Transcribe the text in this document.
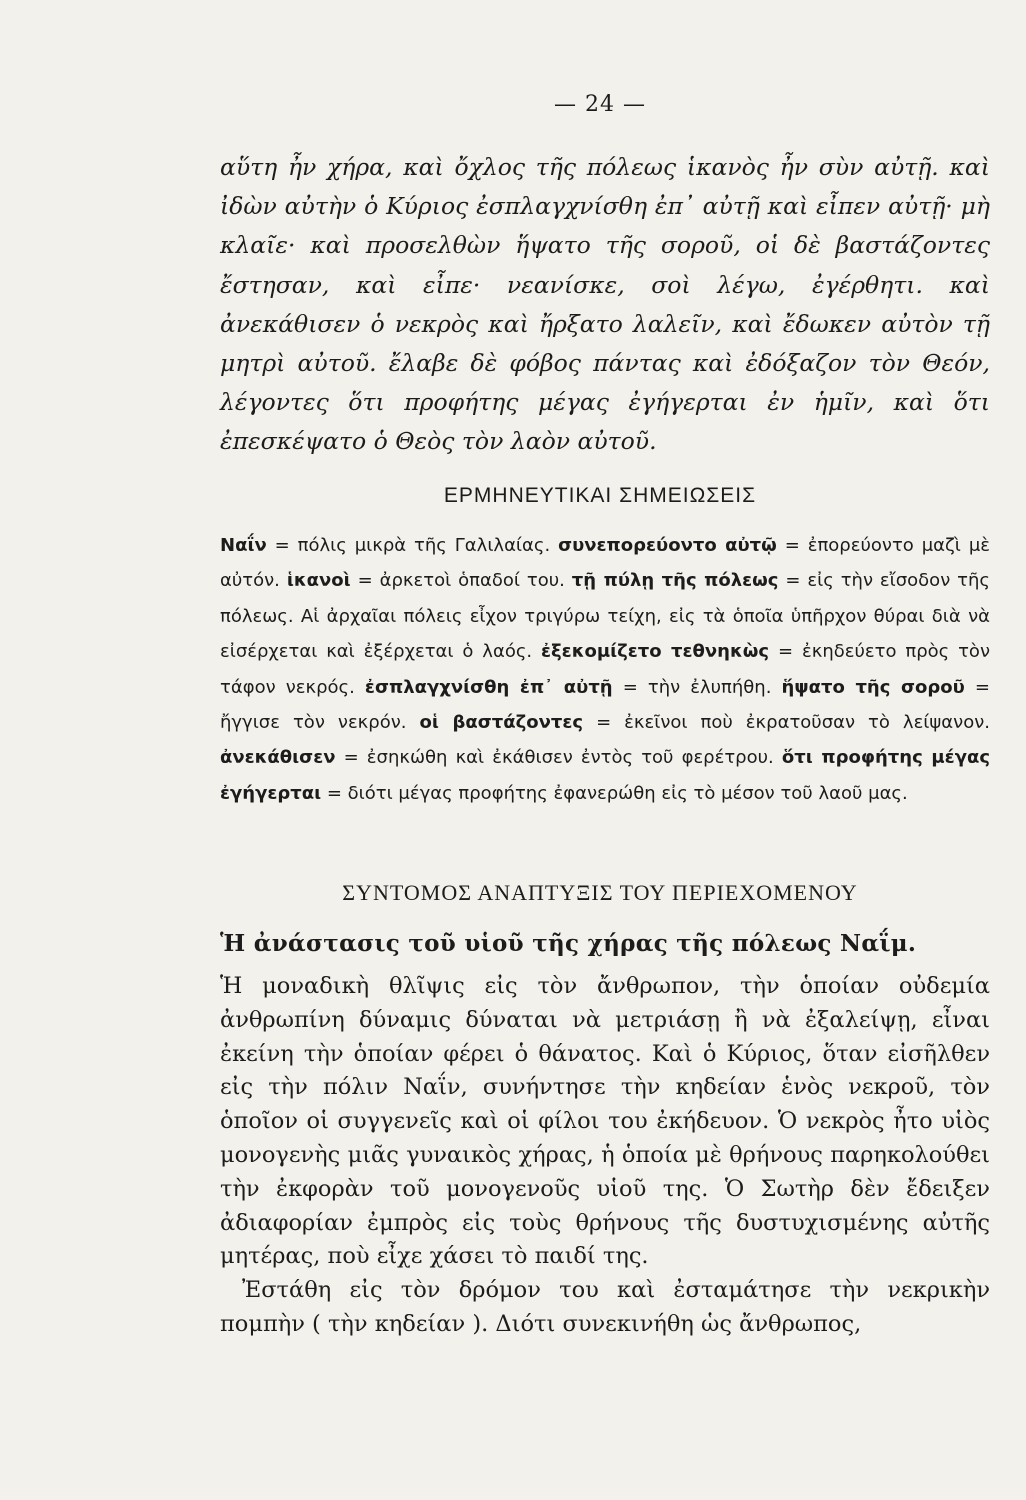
— 24 —
αὕτη ἦν χήρα, καὶ ὄχλος τῆς πόλεως ἱκανὸς ἦν σὺν αὐτῇ. καὶ ἰδὼν αὐτὴν ὁ Κύριος ἐσπλαγχνίσθη ἐπ᾽ αὐτῇ καὶ εἶπεν αὐτῇ· μὴ κλαῖε· καὶ προσελθὼν ἥψατο τῆς σοροῦ, οἱ δὲ βαστάζοντες ἔστησαν, καὶ εἶπε· νεανίσκε, σοὶ λέγω, ἐγέρθητι. καὶ ἀνεκάθισεν ὁ νεκρὸς καὶ ἤρξατο λαλεῖν, καὶ ἔδωκεν αὐτὸν τῇ μητρὶ αὐτοῦ. ἔλαβε δὲ φόβος πάντας καὶ ἐδόξαζον τὸν Θεόν, λέγοντες ὅτι προφήτης μέγας ἐγήγερται ἐν ἡμῖν, καὶ ὅτι ἐπεσκέψατο ὁ Θεὸς τὸν λαὸν αὐτοῦ.
ΕΡΜΗΝΕΥΤΙΚΑΙ ΣΗΜΕΙΩΣΕΙΣ
Ναΐν = πόλις μικρὰ τῆς Γαλιλαίας. συνεπορεύοντο αὐτῷ = ἐπορεύοντο μαζὶ μὲ αὐτόν. ἱκανοὶ = ἀρκετοὶ ὁπαδοί του. τῇ πύλῃ τῆς πόλεως = εἰς τὴν εἴσοδον τῆς πόλεως. Αἱ ἀρχαῖαι πόλεις εἶχον τριγύρω τείχη, εἰς τὰ ὁποῖα ὑπῆρχον θύραι διὰ νὰ εἰσέρχεται καὶ ἐξέρχεται ὁ λαός. ἐξεκομίζετο τεθνηκὼς = ἐκηδεύετο πρὸς τὸν τάφον νεκρός. ἐσπλαγχνίσθη ἐπ᾽ αὐτῇ = τὴν ἐλυπήθη. ἥψατο τῆς σοροῦ = ἤγγισε τὸν νεκρόν. οἱ βαστάζοντες = ἐκεῖνοι ποὺ ἐκρατοῦσαν τὸ λείψανον. ἀνεκάθισεν = ἐσηκώθη καὶ ἐκάθισεν ἐντὸς τοῦ φερέτρου. ὅτι προφήτης μέγας ἐγήγερται = διότι μέγας προφήτης ἐφανερώθη εἰς τὸ μέσον τοῦ λαοῦ μας.
ΣΥΝΤΟΜΟΣ ΑΝΑΠΤΥΞΙΣ ΤΟΥ ΠΕΡΙΕΧΟΜΕΝΟΥ
Ἡ ἀνάστασις τοῦ υἱοῦ τῆς χήρας τῆς πόλεως Ναΐμ.

Ἡ μοναδικὴ θλῖψις εἰς τὸν ἄνθρωπον, τὴν ὁποίαν οὐδεμία ἀνθρωπίνη δύναμις δύναται νὰ μετριάσῃ ἢ νὰ ἐξαλείψῃ, εἶναι ἐκείνη τὴν ὁποίαν φέρει ὁ θάνατος. Καὶ ὁ Κύριος, ὅταν εἰσῆλθεν εἰς τὴν πόλιν Ναΐν, συνήντησε τὴν κηδείαν ἑνὸς νεκροῦ, τὸν ὁποῖον οἱ συγγενεῖς καὶ οἱ φίλοι του ἐκήδευον. Ὁ νεκρὸς ἦτο υἱὸς μονογενὴς μιᾶς γυναικὸς χήρας, ἡ ὁποία μὲ θρήνους παρηκολούθει τὴν ἐκφορὰν τοῦ μονογενοῦς υἱοῦ της. Ὁ Σωτὴρ δὲν ἔδειξεν ἀδιαφορίαν ἐμπρὸς εἰς τοὺς θρήνους τῆς δυστυχισμένης αὐτῆς μητέρας, ποὺ εἶχε χάσει τὸ παιδί της.

Ἐστάθη εἰς τὸν δρόμον του καὶ ἐσταμάτησε τὴν νεκρικὴν πομπὴν ( τὴν κηδείαν ). Διότι συνεκινήθη ὡς ἄνθρωπος,
